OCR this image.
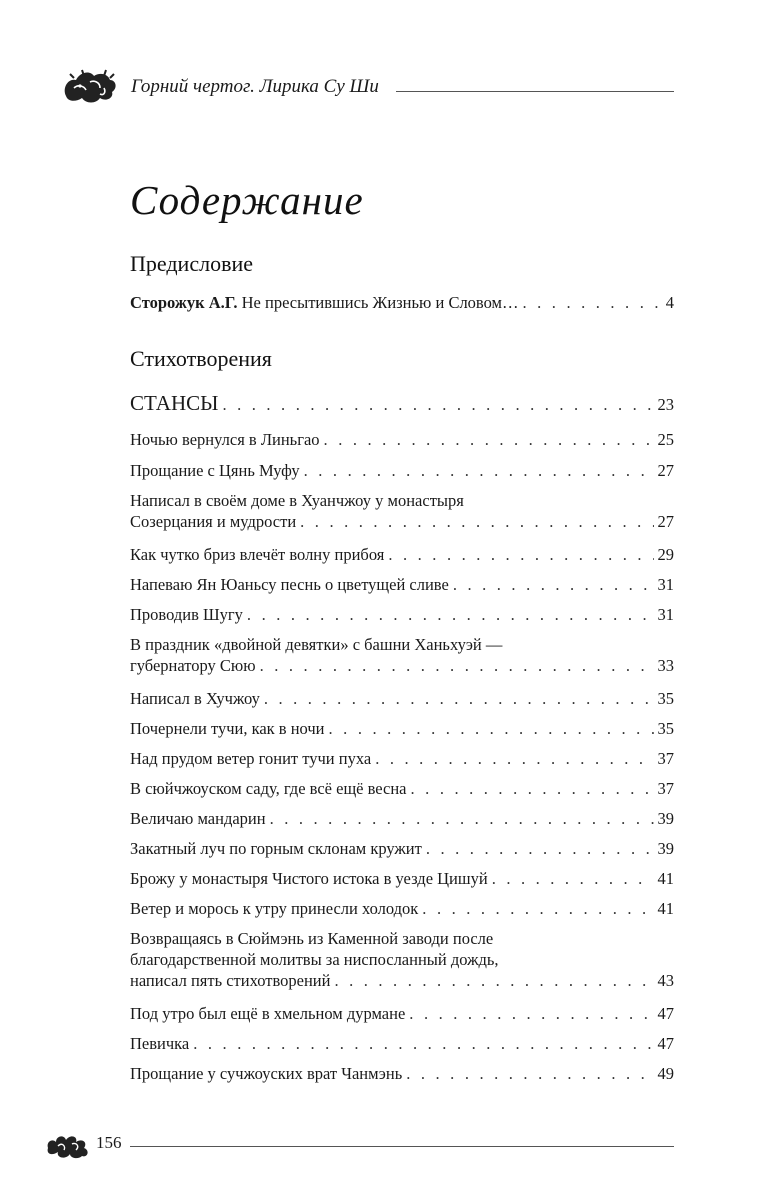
Горний чертог. Лирика Су Ши
Содержание
Предисловие
Стихотворения
Сторожук А.Г. Не пресытившись Жизнью и Словом… . . .	4
СТАНСЫ . . .	23
Ночью вернулся в Линьгао . . .	25
Прощание с Цянь Муфу . . .	27
Написал в своём доме в Хуанчжоу у монастыря
Созерцания и мудрости . . .	27
Как чутко бриз влечёт волну прибоя . . .	29
Напеваю Ян Юаньсу песнь о цветущей сливе . . .	31
Проводив Шугу . . .	31
В праздник «двойной девятки» с башни Ханьхуэй —
губернатору Сюю . . .	33
Написал в Хучжоу . . .	35
Почернели тучи, как в ночи . . .	35
Над прудом ветер гонит тучи пуха . . .	37
В сюйчжоуском саду, где всё ещё весна . . .	37
Величаю мандарин . . .	39
Закатный луч по горным склонам кружит . . .	39
Брожу у монастыря Чистого истока в уезде Цишуй . . .	41
Ветер и морось к утру принесли холодок . . .	41
Возвращаясь в Сюймэнь из Каменной заводи после
благодарственной молитвы за ниспосланный дождь,
написал пять стихотворений . . .	43
Под утро был ещё в хмельном дурмане . . .	47
Певичка . . .	47
Прощание у сучжоуских врат Чанмэнь . . .	49
156
